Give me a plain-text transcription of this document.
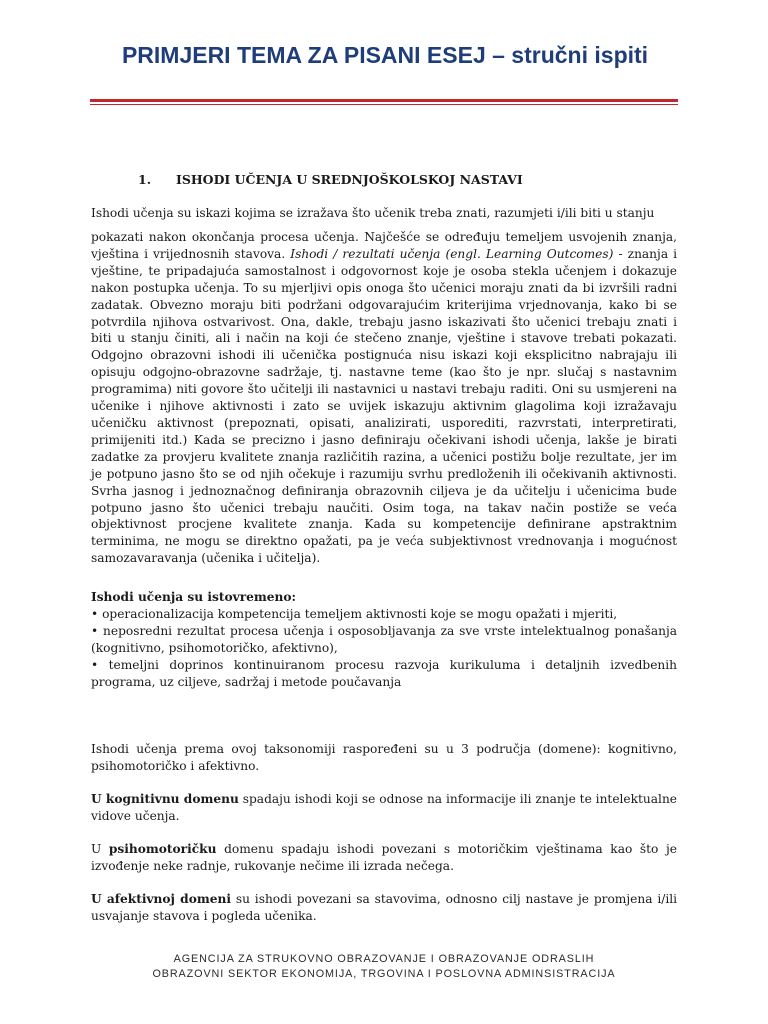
PRIMJERI TEMA ZA PISANI ESEJ – stručni ispiti
1. ISHODI UČENJA U SREDNJOŠKOLSKOJ NASTAVI

Ishodi učenja su iskazi kojima se izražava što učenik treba znati, razumjeti i/ili biti u stanju

pokazati nakon okončanja procesa učenja. Najčešće se određuju temeljem usvojenih znanja, vještina i vrijednosnih stavova. Ishodi / rezultati učenja (engl. Learning Outcomes) - znanja i vještine, te pripadajuća samostalnost i odgovornost koje je osoba stekla učenjem i dokazuje nakon postupka učenja. To su mjerljivi opis onoga što učenici moraju znati da bi izvršili radni zadatak. Obvezno moraju biti podržani odgovarajućim kriterijima vrjednovanja, kako bi se potvrdila njihova ostvarivost. Ona, dakle, trebaju jasno iskazivati što učenici trebaju znati i biti u stanju činiti, ali i način na koji će stečeno znanje, vještine i stavove trebati pokazati. Odgojno obrazovni ishodi ili učenička postignuća nisu iskazi koji eksplicitno nabrajaju ili opisuju odgojno-obrazovne sadržaje, tj. nastavne teme (kao što je npr. slučaj s nastavnim programima) niti govore što učitelji ili nastavnici u nastavi trebaju raditi. Oni su usmjereni na učenike i njihove aktivnosti i zato se uvijek iskazuju aktivnim glagolima koji izražavaju učeničku aktivnost (prepoznati, opisati, analizirati, usporediti, razvrstati, interpretirati, primijeniti itd.) Kada se precizno i jasno definiraju očekivani ishodi učenja, lakše je birati zadatke za provjeru kvalitete znanja različitih razina, a učenici postižu bolje rezultate, jer im je potpuno jasno što se od njih očekuje i razumiju svrhu predloženih ili očekivanih aktivnosti. Svrha jasnog i jednoznačnog definiranja obrazovnih ciljeva je da učitelju i učenicima bude potpuno jasno što učenici trebaju naučiti. Osim toga, na takav način postiže se veća objektivnost procjene kvalitete znanja. Kada su kompetencije definirane apstraktnim terminima, ne mogu se direktno opažati, pa je veća subjektivnost vrednovanja i mogućnost samozavaravanja (učenika i učitelja).

Ishodi učenja su istovremeno:
• operacionalizacija kompetencija temeljem aktivnosti koje se mogu opažati i mjeriti,
• neposredni rezultat procesa učenja i osposobljavanja za sve vrste intelektualnog ponašanja (kognitivno, psihomotoričko, afektivno),
• temeljni doprinos kontinuiranom procesu razvoja kurikuluma i detaljnih izvedbenih programa, uz ciljeve, sadržaj i metode poučavanja

Ishodi učenja prema ovoj taksonomiji raspoređeni su u 3 područja (domene): kognitivno, psihomotoričko i afektivno.

U kognitivnu domenu spadaju ishodi koji se odnose na informacije ili znanje te intelektualne vidove učenja.

U psihomotoričku domenu spadaju ishodi povezani s motoričkim vještinama kao što je izvođenje neke radnje, rukovanje nečime ili izrada nečega.

U afektivnoj domeni su ishodi povezani sa stavovima, odnosno cilj nastave je promjena i/ili usvajanje stavova i pogleda učenika.

AGENCIJA ZA STRUKOVNO OBRAZOVANJE I OBRAZOVANJE ODRASLIH
OBRAZOVNI SEKTOR EKONOMIJA, TRGOVINA I POSLOVNA ADMINSISTRACIJA
